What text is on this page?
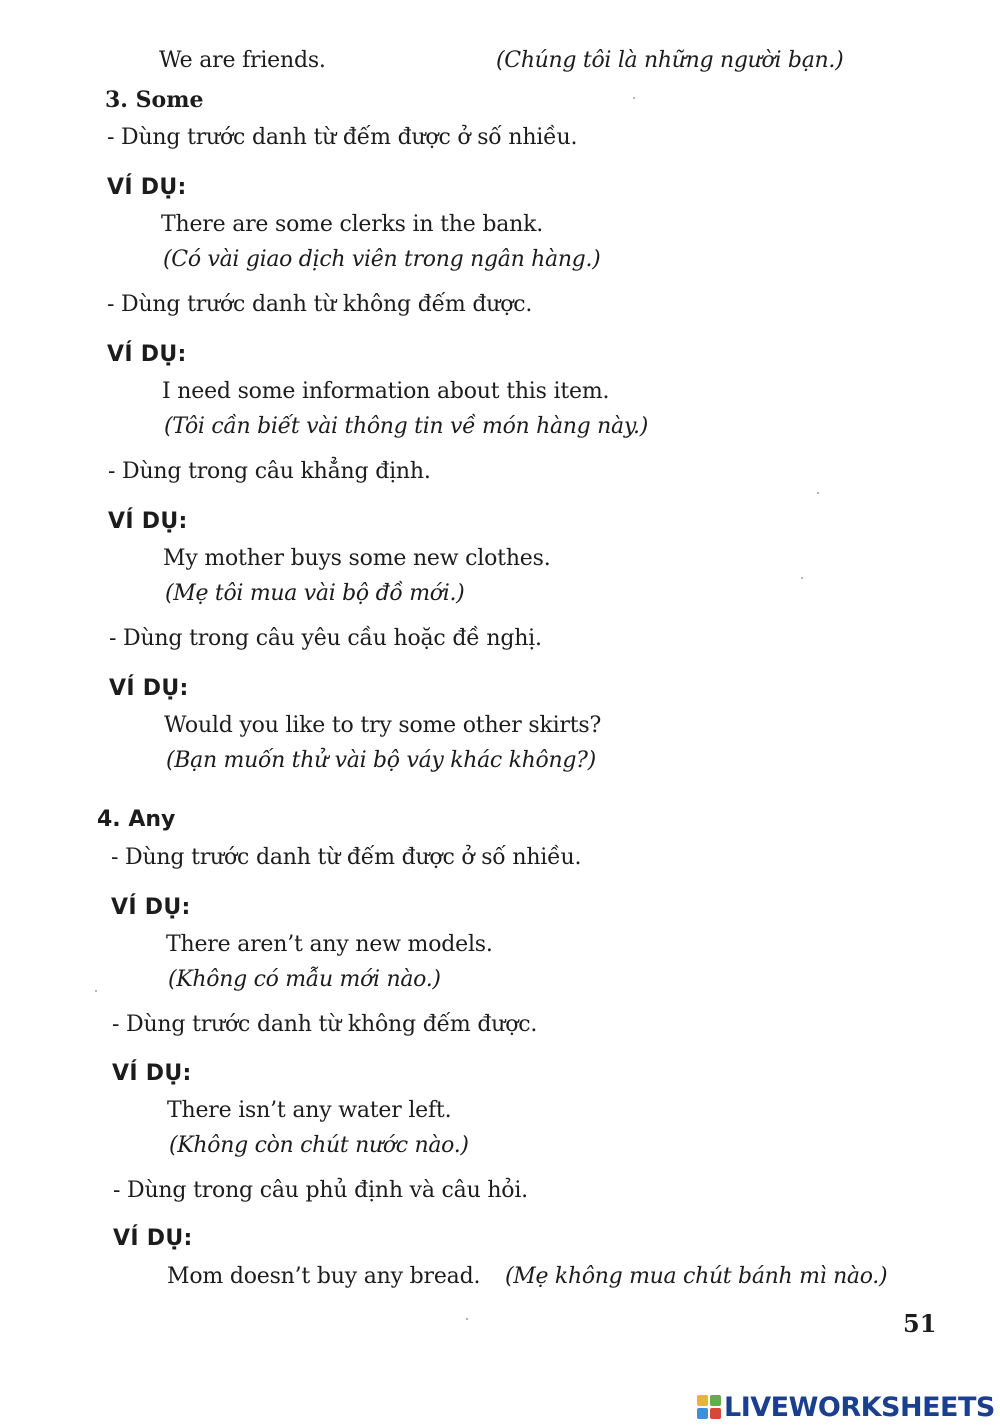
We are friends.	(Chúng tôi là những người bạn.)
3. Some
- Dùng trước danh từ đếm được ở số nhiều.
VÍ DỤ:
There are some clerks in the bank.
(Có vài giao dịch viên trong ngân hàng.)
- Dùng trước danh từ không đếm được.
VÍ DỤ:
I need some information about this item.
(Tôi cần biết vài thông tin về món hàng này.)
- Dùng trong câu khẳng định.
VÍ DỤ:
My mother buys some new clothes.
(Mẹ tôi mua vài bộ đồ mới.)
- Dùng trong câu yêu cầu hoặc đề nghị.
VÍ DỤ:
Would you like to try some other skirts?
(Bạn muốn thử vài bộ váy khác không?)
4. Any
- Dùng trước danh từ đếm được ở số nhiều.
VÍ DỤ:
There aren’t any new models.
(Không có mẫu mới nào.)
- Dùng trước danh từ không đếm được.
VÍ DỤ:
There isn’t any water left.
(Không còn chút nước nào.)
- Dùng trong câu phủ định và câu hỏi.
VÍ DỤ:
Mom doesn’t buy any bread. (Mẹ không mua chút bánh mì nào.)
51
LIVEWORKSHEETS
